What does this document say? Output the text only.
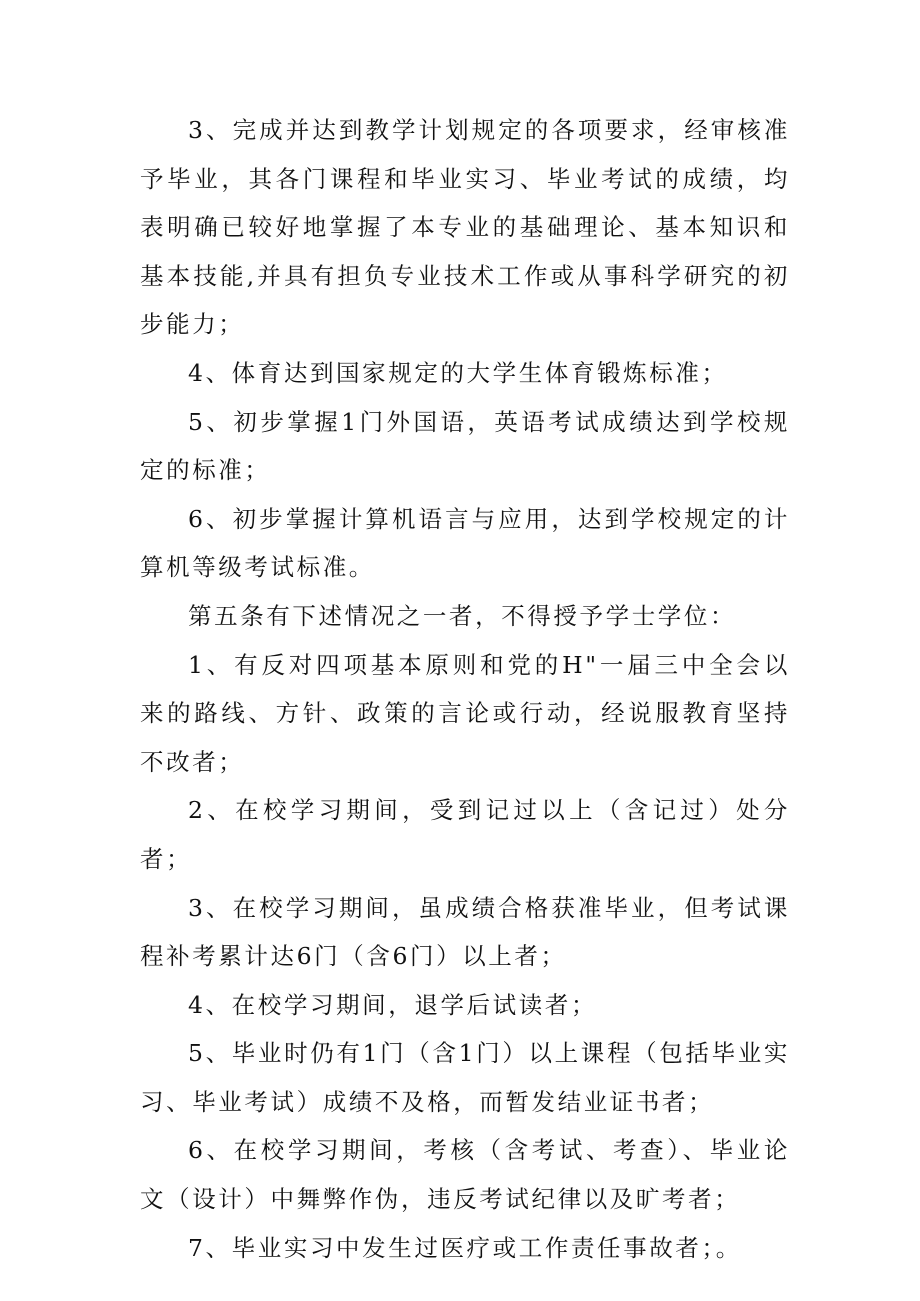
3、完成并达到教学计划规定的各项要求，经审核准予毕业，其各门课程和毕业实习、毕业考试的成绩，均表明确已较好地掌握了本专业的基础理论、基本知识和基本技能,并具有担负专业技术工作或从事科学研究的初步能力；

4、体育达到国家规定的大学生体育锻炼标准；

5、初步掌握1门外国语，英语考试成绩达到学校规定的标准；

6、初步掌握计算机语言与应用，达到学校规定的计算机等级考试标准。

第五条有下述情况之一者，不得授予学士学位：

1、有反对四项基本原则和党的H"一届三中全会以来的路线、方针、政策的言论或行动，经说服教育坚持不改者；

2、在校学习期间，受到记过以上（含记过）处分者；

3、在校学习期间，虽成绩合格获准毕业，但考试课程补考累计达6门（含6门）以上者；

4、在校学习期间，退学后试读者；

5、毕业时仍有1门（含1门）以上课程（包括毕业实习、毕业考试）成绩不及格，而暂发结业证书者；

6、在校学习期间，考核（含考试、考查）、毕业论文（设计）中舞弊作伪，违反考试纪律以及旷考者；

7、毕业实习中发生过医疗或工作责任事故者；。
